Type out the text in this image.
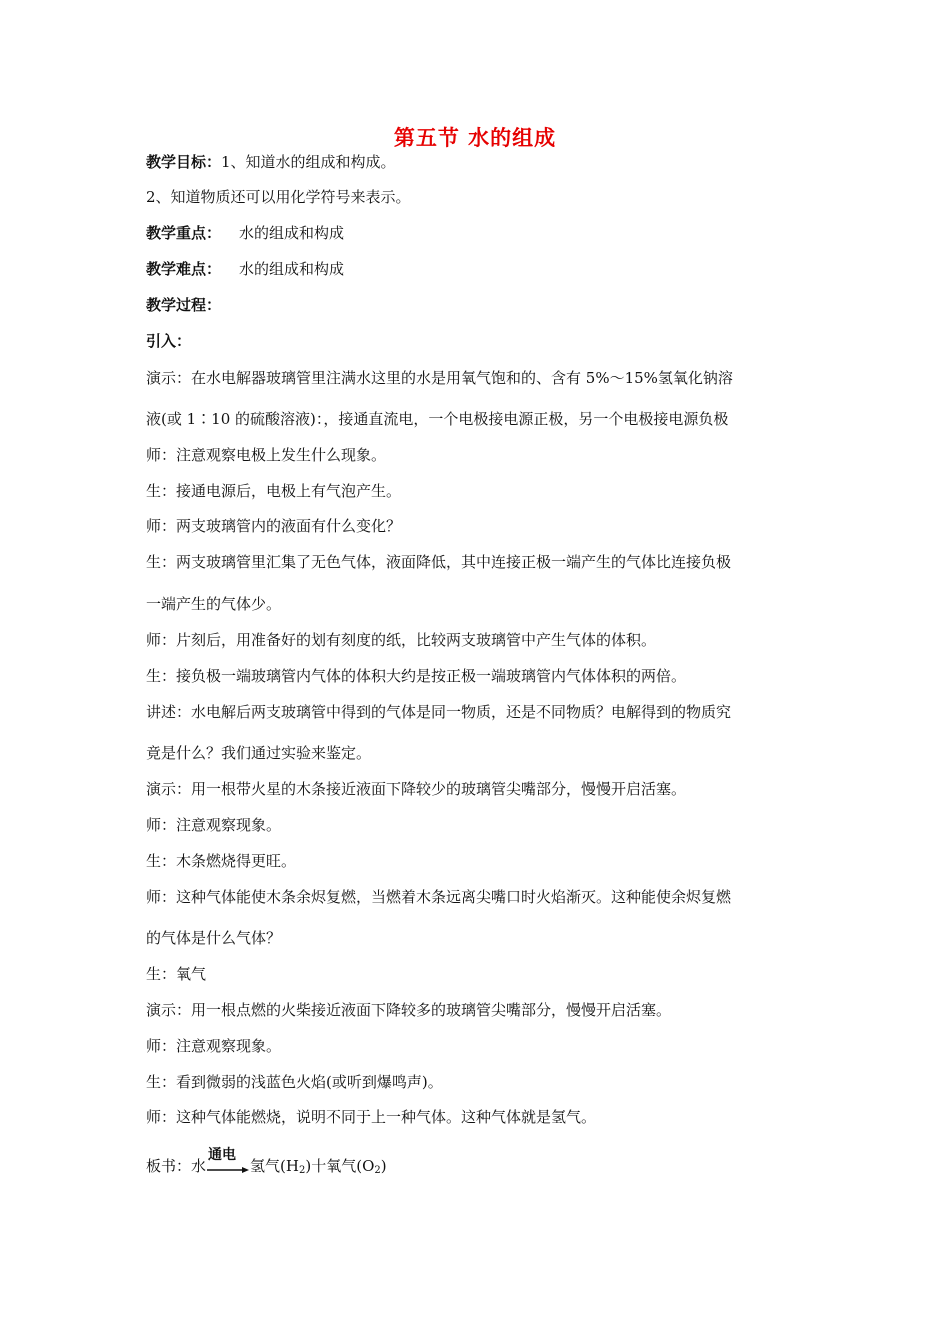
第五节 水的组成
教学目标：1、知道水的组成和构成。
2、知道物质还可以用化学符号来表示。
教学重点： 水的组成和构成
教学难点： 水的组成和构成
教学过程：
引入：
演示：在水电解器玻璃管里注满水这里的水是用氧气饱和的、含有 5%～15%氢氧化钠溶
液(或 1∶10 的硫酸溶液)：，接通直流电，一个电极接电源正极，另一个电极接电源负极
师：注意观察电极上发生什么现象。
生：接通电源后，电极上有气泡产生。
师：两支玻璃管内的液面有什么变化？
生：两支玻璃管里汇集了无色气体，液面降低，其中连接正极一端产生的气体比连接负极
一端产生的气体少。
师：片刻后，用准备好的划有刻度的纸，比较两支玻璃管中产生气体的体积。
生：接负极一端玻璃管内气体的体积大约是按正极一端玻璃管内气体体积的两倍。
讲述：水电解后两支玻璃管中得到的气体是同一物质，还是不同物质？电解得到的物质究
竟是什么？我们通过实验来鉴定。
演示：用一根带火星的木条接近液面下降较少的玻璃管尖嘴部分，慢慢开启活塞。
师：注意观察现象。
生：木条燃烧得更旺。
师：这种气体能使木条余烬复燃，当燃着木条远离尖嘴口时火焰渐灭。这种能使余烬复燃
的气体是什么气体？
生：氧气
演示：用一根点燃的火柴接近液面下降较多的玻璃管尖嘴部分，慢慢开启活塞。
师：注意观察现象。
生：看到微弱的浅蓝色火焰(或听到爆鸣声)。
师：这种气体能燃烧，说明不同于上一种气体。这种气体就是氢气。
板书：水
通电
氢气$(H_2)$十氧气$(O_2)$
